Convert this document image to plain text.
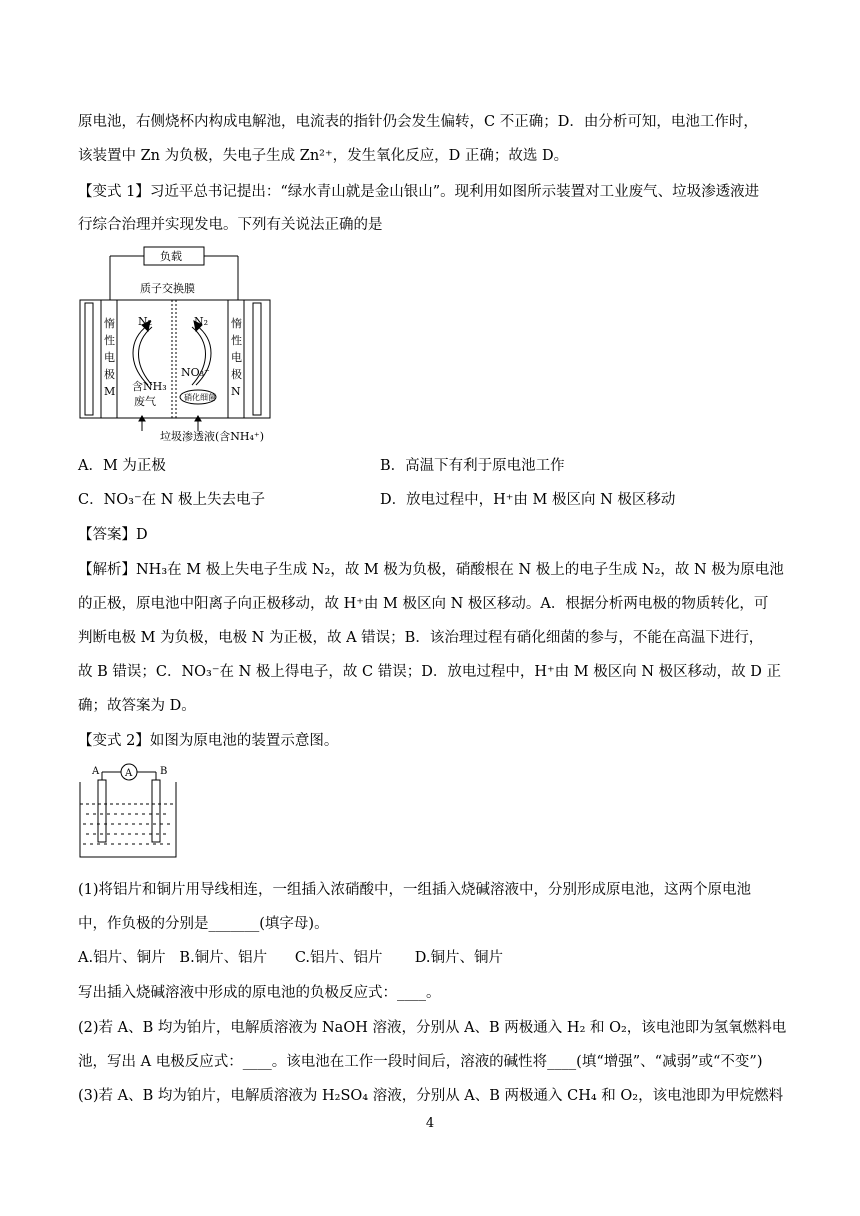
原电池，右侧烧杯内构成电解池，电流表的指针仍会发生偏转，C 不正确；D．由分析可知，电池工作时，
该装置中 Zn 为负极，失电子生成 Zn²⁺，发生氧化反应，D 正确；故选 D。
【变式 1】习近平总书记提出：“绿水青山就是金山银山”。现利用如图所示装置对工业废气、垃圾渗透液进
行综合治理并实现发电。下列有关说法正确的是
负载
质子交换膜
惰
性
电
极
M
惰
性
电
极
N
N₂	N₂
含NH₃
废气
NO₃⁻
硝化细菌
垃圾渗透液(含NH₄⁺)
A．M 为正极	B．高温下有利于原电池工作
C．NO₃⁻在 N 极上失去电子	D．放电过程中，H⁺由 M 极区向 N 极区移动
【答案】D
【解析】NH₃在 M 极上失电子生成 N₂，故 M 极为负极，硝酸根在 N 极上的电子生成 N₂，故 N 极为原电池
的正极，原电池中阳离子向正极移动，故 H⁺由 M 极区向 N 极区移动。A．根据分析两电极的物质转化，可
判断电极 M 为负极，电极 N 为正极，故 A 错误；B．该治理过程有硝化细菌的参与，不能在高温下进行，
故 B 错误；C．NO₃⁻在 N 极上得电子，故 C 错误；D．放电过程中，H⁺由 M 极区向 N 极区移动，故 D 正
确；故答案为 D。
【变式 2】如图为原电池的装置示意图。
A	A	B
(1)将铝片和铜片用导线相连，一组插入浓硝酸中，一组插入烧碱溶液中，分别形成原电池，这两个原电池
中，作负极的分别是_______(填字母)。
A.铝片、铜片   B.铜片、铝片      C.铝片、铝片       D.铜片、铜片
写出插入烧碱溶液中形成的原电池的负极反应式：____。
(2)若 A、B 均为铂片，电解质溶液为 NaOH 溶液，分别从 A、B 两极通入 H₂ 和 O₂，该电池即为氢氧燃料电
池，写出 A 电极反应式：____。该电池在工作一段时间后，溶液的碱性将____(填“增强”、“减弱”或“不变”)
(3)若 A、B 均为铂片，电解质溶液为 H₂SO₄ 溶液，分别从 A、B 两极通入 CH₄ 和 O₂，该电池即为甲烷燃料
4
